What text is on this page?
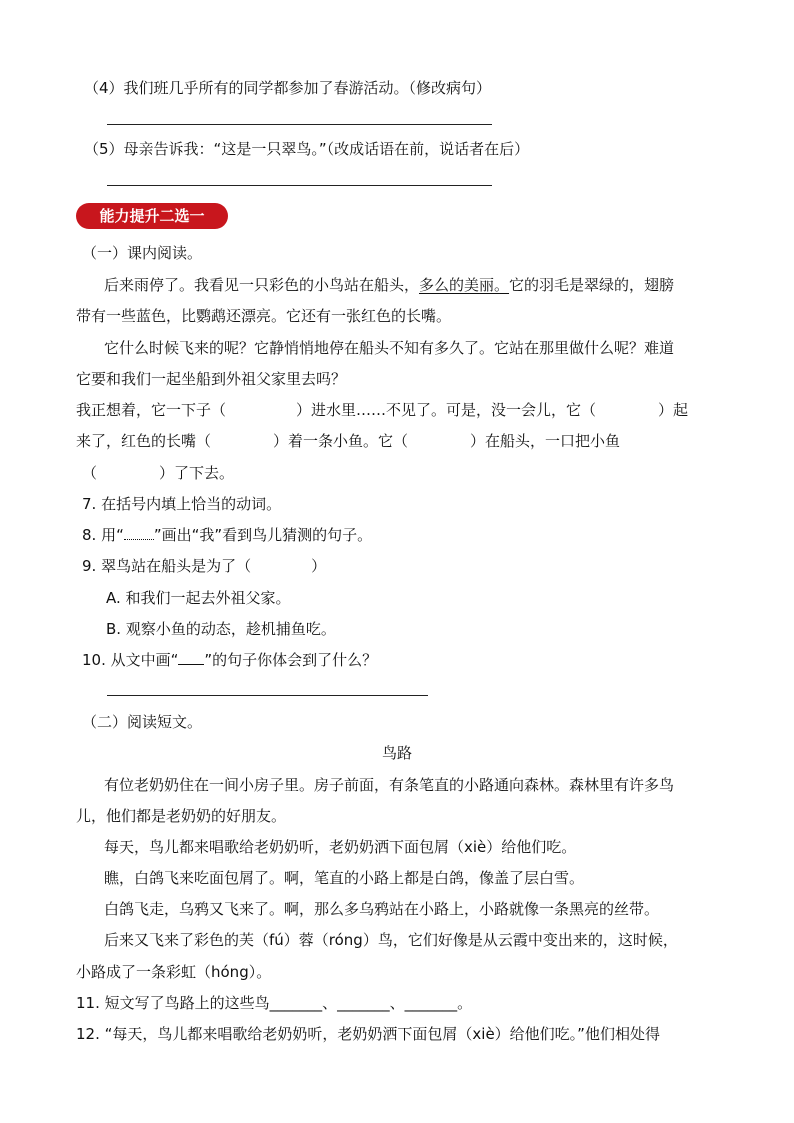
（4）我们班几乎所有的同学都参加了春游活动。（修改病句）
（5）母亲告诉我：“这是一只翠鸟。”（改成话语在前，说话者在后）
能力提升二选一
（一）课内阅读。
后来雨停了。我看见一只彩色的小鸟站在船头，多么的美丽。它的羽毛是翠绿的，翅膀
带有一些蓝色，比鹦鹉还漂亮。它还有一张红色的长嘴。
它什么时候飞来的呢？它静悄悄地停在船头不知有多久了。它站在那里做什么呢？难道
它要和我们一起坐船到外祖父家里去吗？
我正想着，它一下子（	）进水里……不见了。可是，没一会儿，它（	）起
来了，红色的长嘴（	）着一条小鱼。它（	）在船头，一口把小鱼
（	）了下去。
7. 在括号内填上恰当的动词。
8. 用“ ”画出“我”看到鸟儿猜测的句子。
9. 翠鸟站在船头是为了（　　　　）
A. 和我们一起去外祖父家。
B. 观察小鱼的动态，趁机捕鱼吃。
10. 从文中画“ ”的句子你体会到了什么？
（二）阅读短文。
鸟路
有位老奶奶住在一间小房子里。房子前面，有条笔直的小路通向森林。森林里有许多鸟
儿，他们都是老奶奶的好朋友。
每天，鸟儿都来唱歌给老奶奶听，老奶奶洒下面包屑（xiè）给他们吃。
瞧，白鸽飞来吃面包屑了。啊，笔直的小路上都是白鸽，像盖了层白雪。
白鸽飞走，乌鸦又飞来了。啊，那么多乌鸦站在小路上，小路就像一条黑亮的丝带。
后来又飞来了彩色的芙（fú）蓉（róng）鸟，它们好像是从云霞中变出来的，这时候，
小路成了一条彩虹（hóng）。
11. 短文写了鸟路上的这些鸟_______、_______、_______。
12. “每天，鸟儿都来唱歌给老奶奶听，老奶奶洒下面包屑（xiè）给他们吃。”他们相处得
